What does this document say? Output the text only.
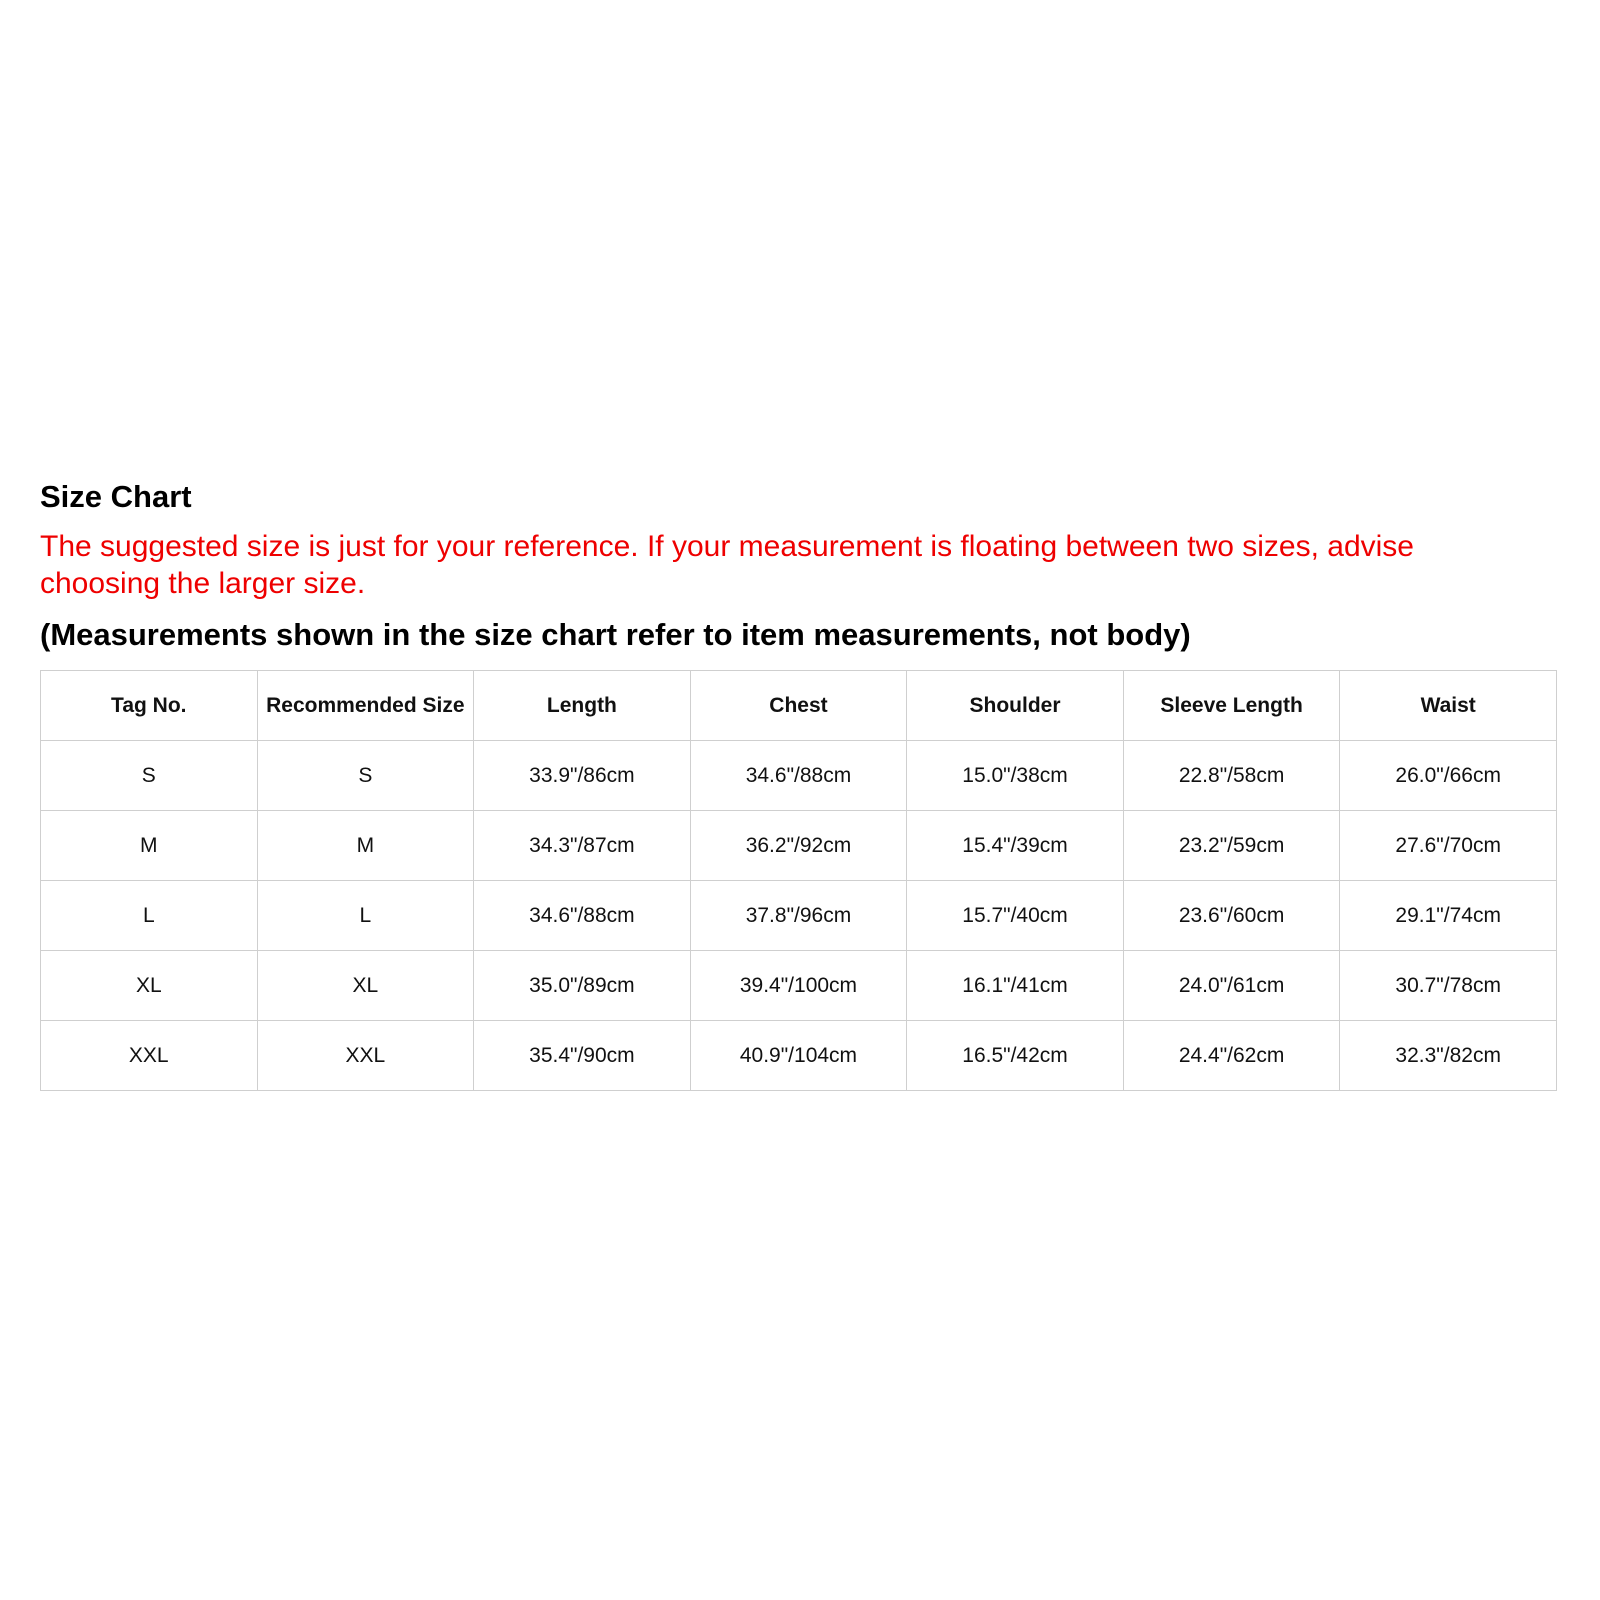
Size Chart

The suggested size is just for your reference. If your measurement is floating between two sizes, advise choosing the larger size.

(Measurements shown in the size chart refer to item measurements, not body)

Tag No.	Recommended Size	Length	Chest	Shoulder	Sleeve Length	Waist
S	S	33.9"/86cm	34.6"/88cm	15.0"/38cm	22.8"/58cm	26.0"/66cm
M	M	34.3"/87cm	36.2"/92cm	15.4"/39cm	23.2"/59cm	27.6"/70cm
L	L	34.6"/88cm	37.8"/96cm	15.7"/40cm	23.6"/60cm	29.1"/74cm
XL	XL	35.0"/89cm	39.4"/100cm	16.1"/41cm	24.0"/61cm	30.7"/78cm
XXL	XXL	35.4"/90cm	40.9"/104cm	16.5"/42cm	24.4"/62cm	32.3"/82cm
